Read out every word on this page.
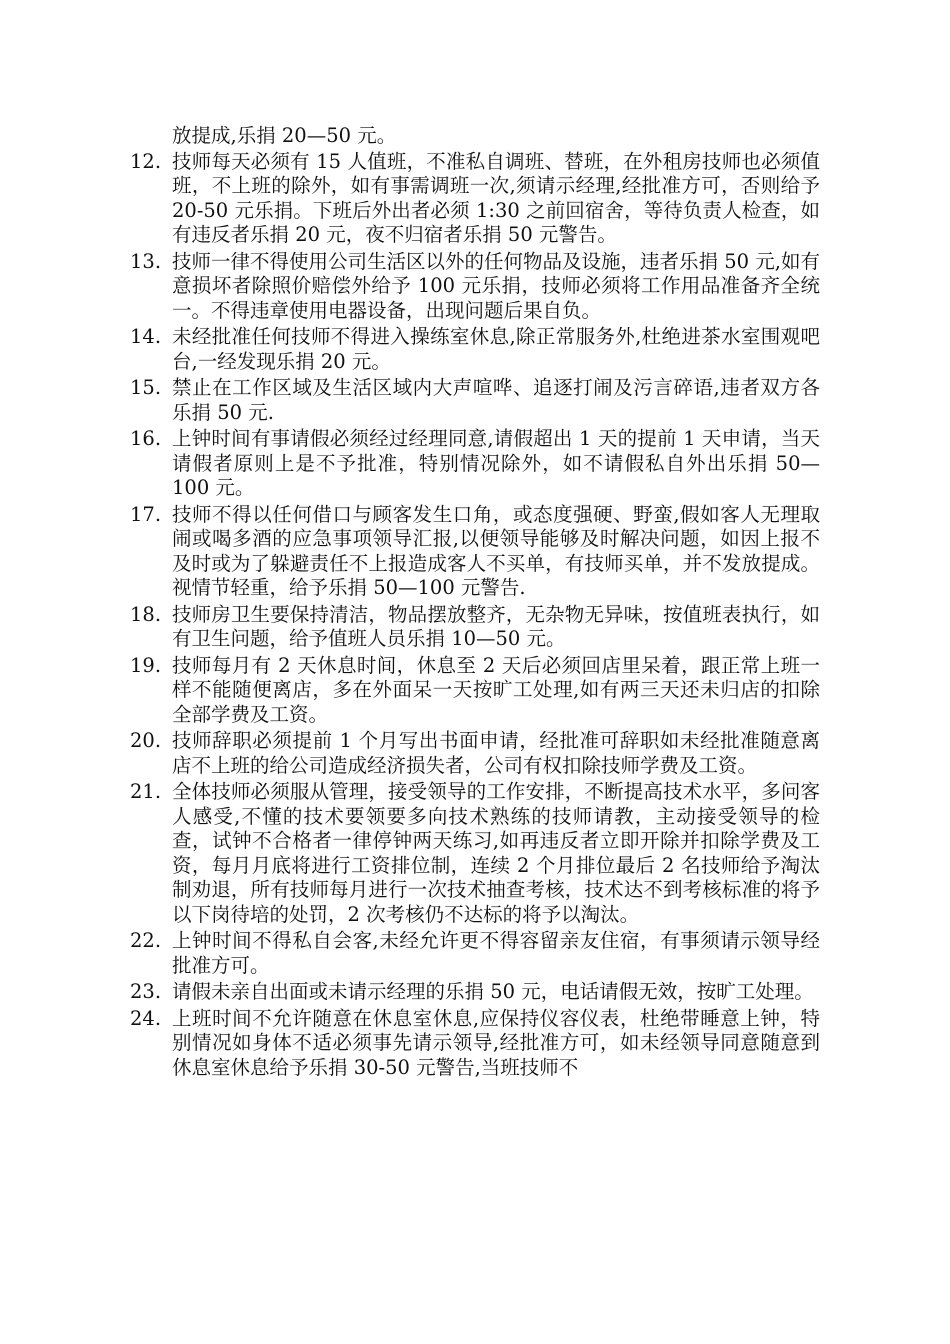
放提成,乐捐 20—50 元。
12. 技师每天必须有 15 人值班，不准私自调班、替班，在外租房技师也必须值班，不上班的除外，如有事需调班一次,须请示经理,经批准方可，否则给予 20-50 元乐捐。下班后外出者必须 1:30 之前回宿舍，等待负责人检查，如有违反者乐捐 20 元，夜不归宿者乐捐 50 元警告。
13. 技师一律不得使用公司生活区以外的任何物品及设施，违者乐捐 50 元,如有意损坏者除照价赔偿外给予 100 元乐捐，技师必须将工作用品准备齐全统一。不得违章使用电器设备，出现问题后果自负。
14. 未经批准任何技师不得进入操练室休息,除正常服务外,杜绝进茶水室围观吧台,一经发现乐捐 20 元。
15. 禁止在工作区域及生活区域内大声喧哗、追逐打闹及污言碎语,违者双方各乐捐 50 元.
16. 上钟时间有事请假必须经过经理同意,请假超出 1 天的提前 1 天申请，当天请假者原则上是不予批准，特别情况除外，如不请假私自外出乐捐 50—100 元。
17. 技师不得以任何借口与顾客发生口角，或态度强硬、野蛮,假如客人无理取闹或喝多酒的应急事项领导汇报,以便领导能够及时解决问题，如因上报不及时或为了躲避责任不上报造成客人不买单，有技师买单，并不发放提成。视情节轻重，给予乐捐 50—100 元警告.
18. 技师房卫生要保持清洁，物品摆放整齐，无杂物无异味，按值班表执行，如有卫生问题，给予值班人员乐捐 10—50 元。
19. 技师每月有 2 天休息时间，休息至 2 天后必须回店里呆着，跟正常上班一样不能随便离店，多在外面呆一天按旷工处理,如有两三天还未归店的扣除全部学费及工资。
20. 技师辞职必须提前 1 个月写出书面申请，经批准可辞职如未经批准随意离店不上班的给公司造成经济损失者，公司有权扣除技师学费及工资。
21. 全体技师必须服从管理，接受领导的工作安排，不断提高技术水平，多问客人感受,不懂的技术要领要多向技术熟练的技师请教，主动接受领导的检查，试钟不合格者一律停钟两天练习,如再违反者立即开除并扣除学费及工资，每月月底将进行工资排位制，连续 2 个月排位最后 2 名技师给予淘汰制劝退，所有技师每月进行一次技术抽查考核，技术达不到考核标准的将予以下岗待培的处罚，2 次考核仍不达标的将予以淘汰。
22. 上钟时间不得私自会客,未经允许更不得容留亲友住宿，有事须请示领导经批准方可。
23. 请假未亲自出面或未请示经理的乐捐 50 元，电话请假无效，按旷工处理。
24. 上班时间不允许随意在休息室休息,应保持仪容仪表，杜绝带睡意上钟，特别情况如身体不适必须事先请示领导,经批准方可，如未经领导同意随意到休息室休息给予乐捐 30-50 元警告,当班技师不
